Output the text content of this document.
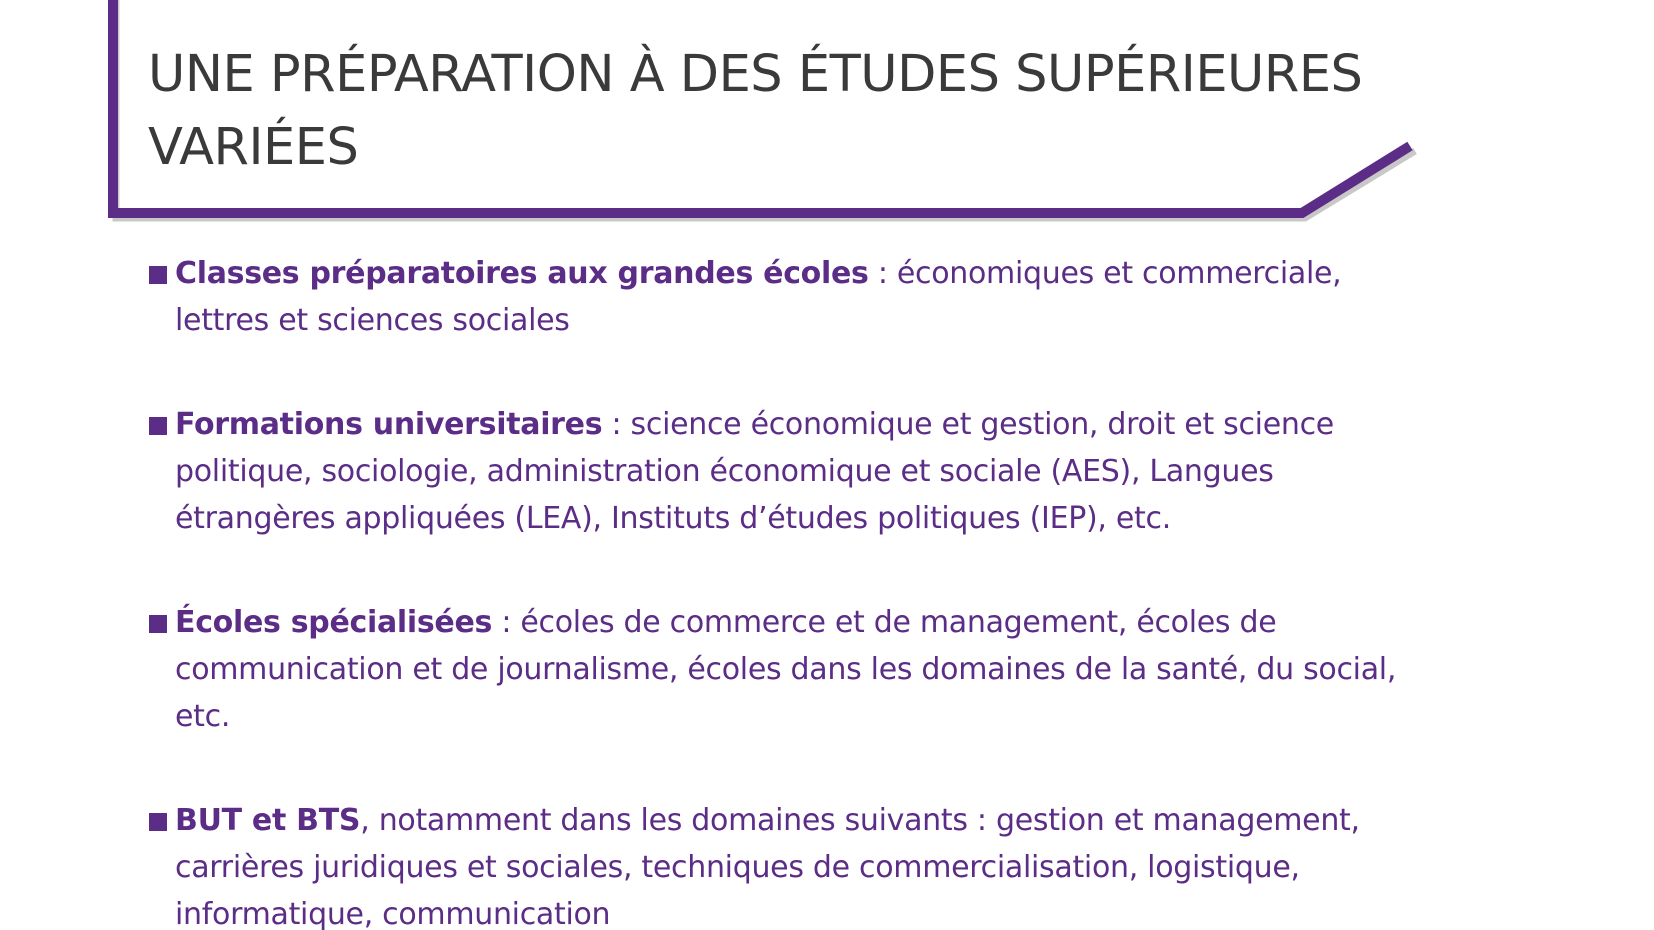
UNE PRÉPARATION À DES ÉTUDES SUPÉRIEURES VARIÉES

Classes préparatoires aux grandes écoles : économiques et commerciale, lettres et sciences sociales

Formations universitaires : science économique et gestion, droit et science politique, sociologie, administration économique et sociale (AES), Langues étrangères appliquées (LEA), Instituts d’études politiques (IEP), etc.

Écoles spécialisées : écoles de commerce et de management, écoles de communication et de journalisme, écoles dans les domaines de la santé, du social, etc.

BUT et BTS, notamment dans les domaines suivants : gestion et management, carrières juridiques et sociales, techniques de commercialisation, logistique, informatique, communication
